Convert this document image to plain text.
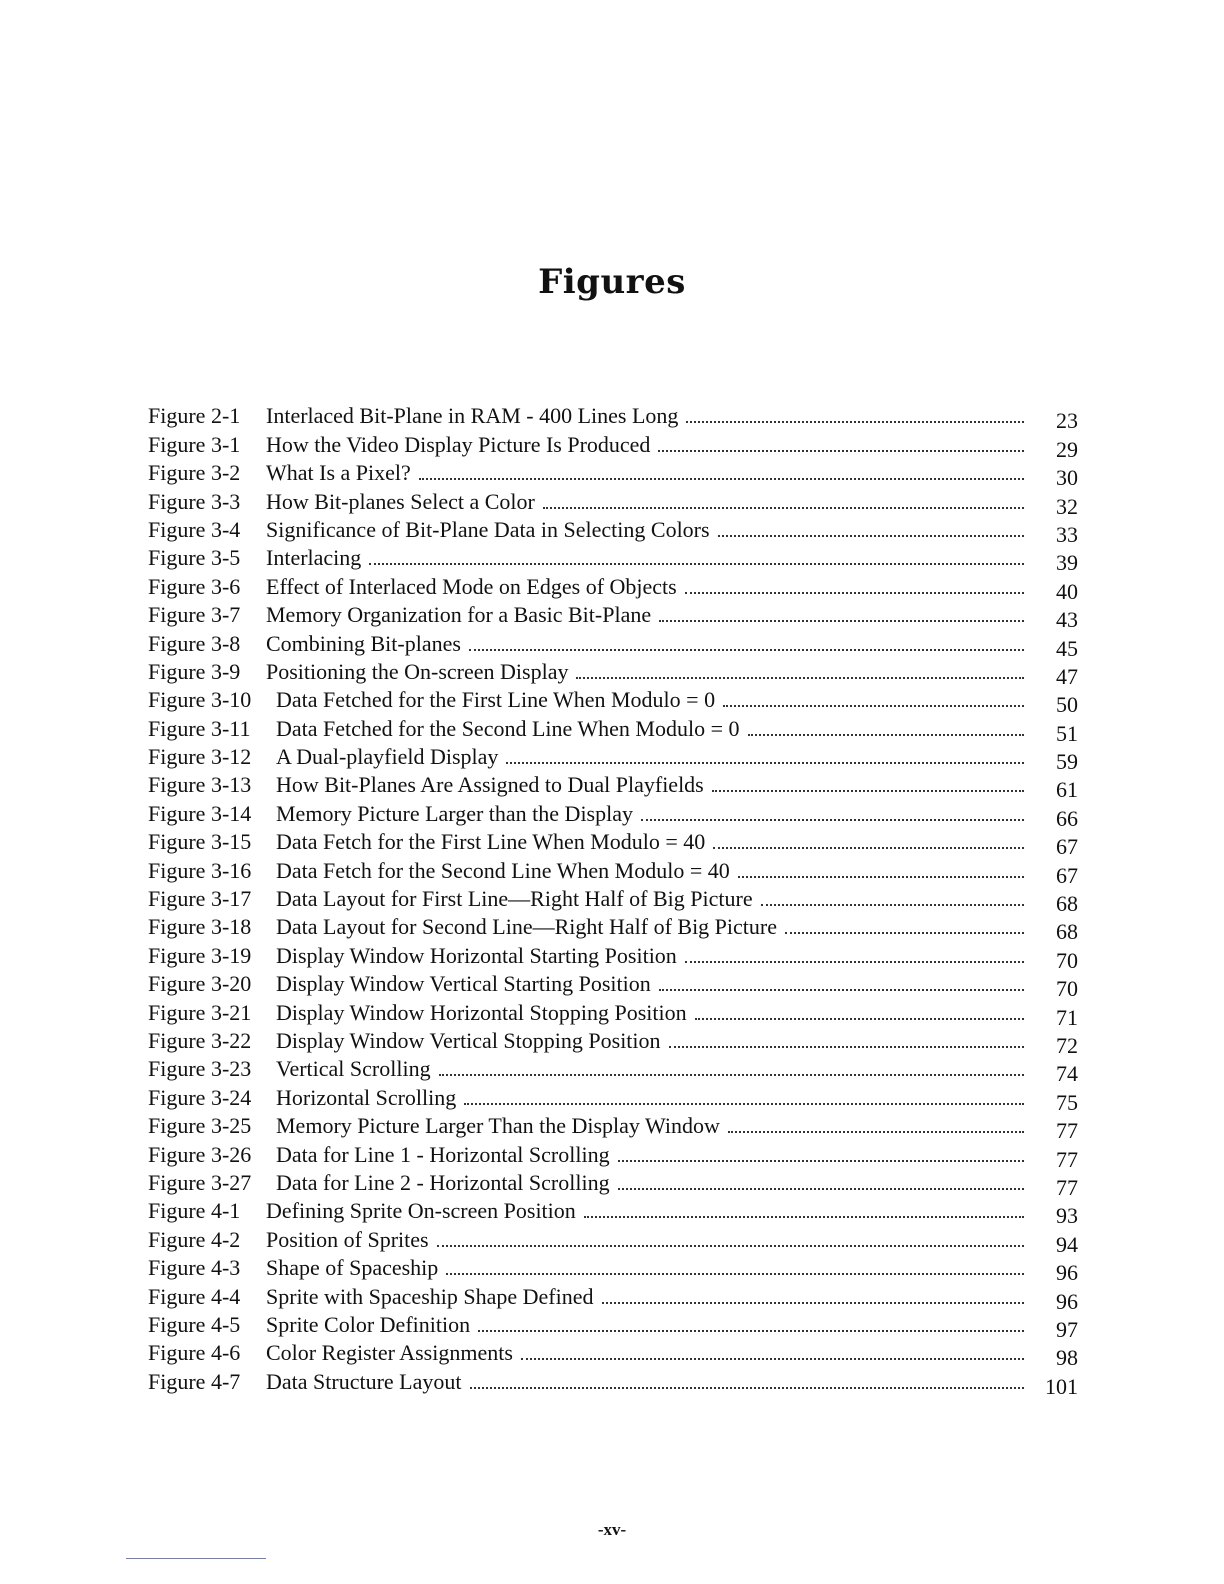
Figures
Figure 2-1	Interlaced Bit-Plane in RAM - 400 Lines Long	23
Figure 3-1	How the Video Display Picture Is Produced	29
Figure 3-2	What Is a Pixel?	30
Figure 3-3	How Bit-planes Select a Color	32
Figure 3-4	Significance of Bit-Plane Data in Selecting Colors	33
Figure 3-5	Interlacing	39
Figure 3-6	Effect of Interlaced Mode on Edges of Objects	40
Figure 3-7	Memory Organization for a Basic Bit-Plane	43
Figure 3-8	Combining Bit-planes	45
Figure 3-9	Positioning the On-screen Display	47
Figure 3-10	Data Fetched for the First Line When Modulo = 0	50
Figure 3-11	Data Fetched for the Second Line When Modulo = 0	51
Figure 3-12	A Dual-playfield Display	59
Figure 3-13	How Bit-Planes Are Assigned to Dual Playfields	61
Figure 3-14	Memory Picture Larger than the Display	66
Figure 3-15	Data Fetch for the First Line When Modulo = 40	67
Figure 3-16	Data Fetch for the Second Line When Modulo = 40	67
Figure 3-17	Data Layout for First Line—Right Half of Big Picture	68
Figure 3-18	Data Layout for Second Line—Right Half of Big Picture	68
Figure 3-19	Display Window Horizontal Starting Position	70
Figure 3-20	Display Window Vertical Starting Position	70
Figure 3-21	Display Window Horizontal Stopping Position	71
Figure 3-22	Display Window Vertical Stopping Position	72
Figure 3-23	Vertical Scrolling	74
Figure 3-24	Horizontal Scrolling	75
Figure 3-25	Memory Picture Larger Than the Display Window	77
Figure 3-26	Data for Line 1 - Horizontal Scrolling	77
Figure 3-27	Data for Line 2 - Horizontal Scrolling	77
Figure 4-1	Defining Sprite On-screen Position	93
Figure 4-2	Position of Sprites	94
Figure 4-3	Shape of Spaceship	96
Figure 4-4	Sprite with Spaceship Shape Defined	96
Figure 4-5	Sprite Color Definition	97
Figure 4-6	Color Register Assignments	98
Figure 4-7	Data Structure Layout	101
-xv-
